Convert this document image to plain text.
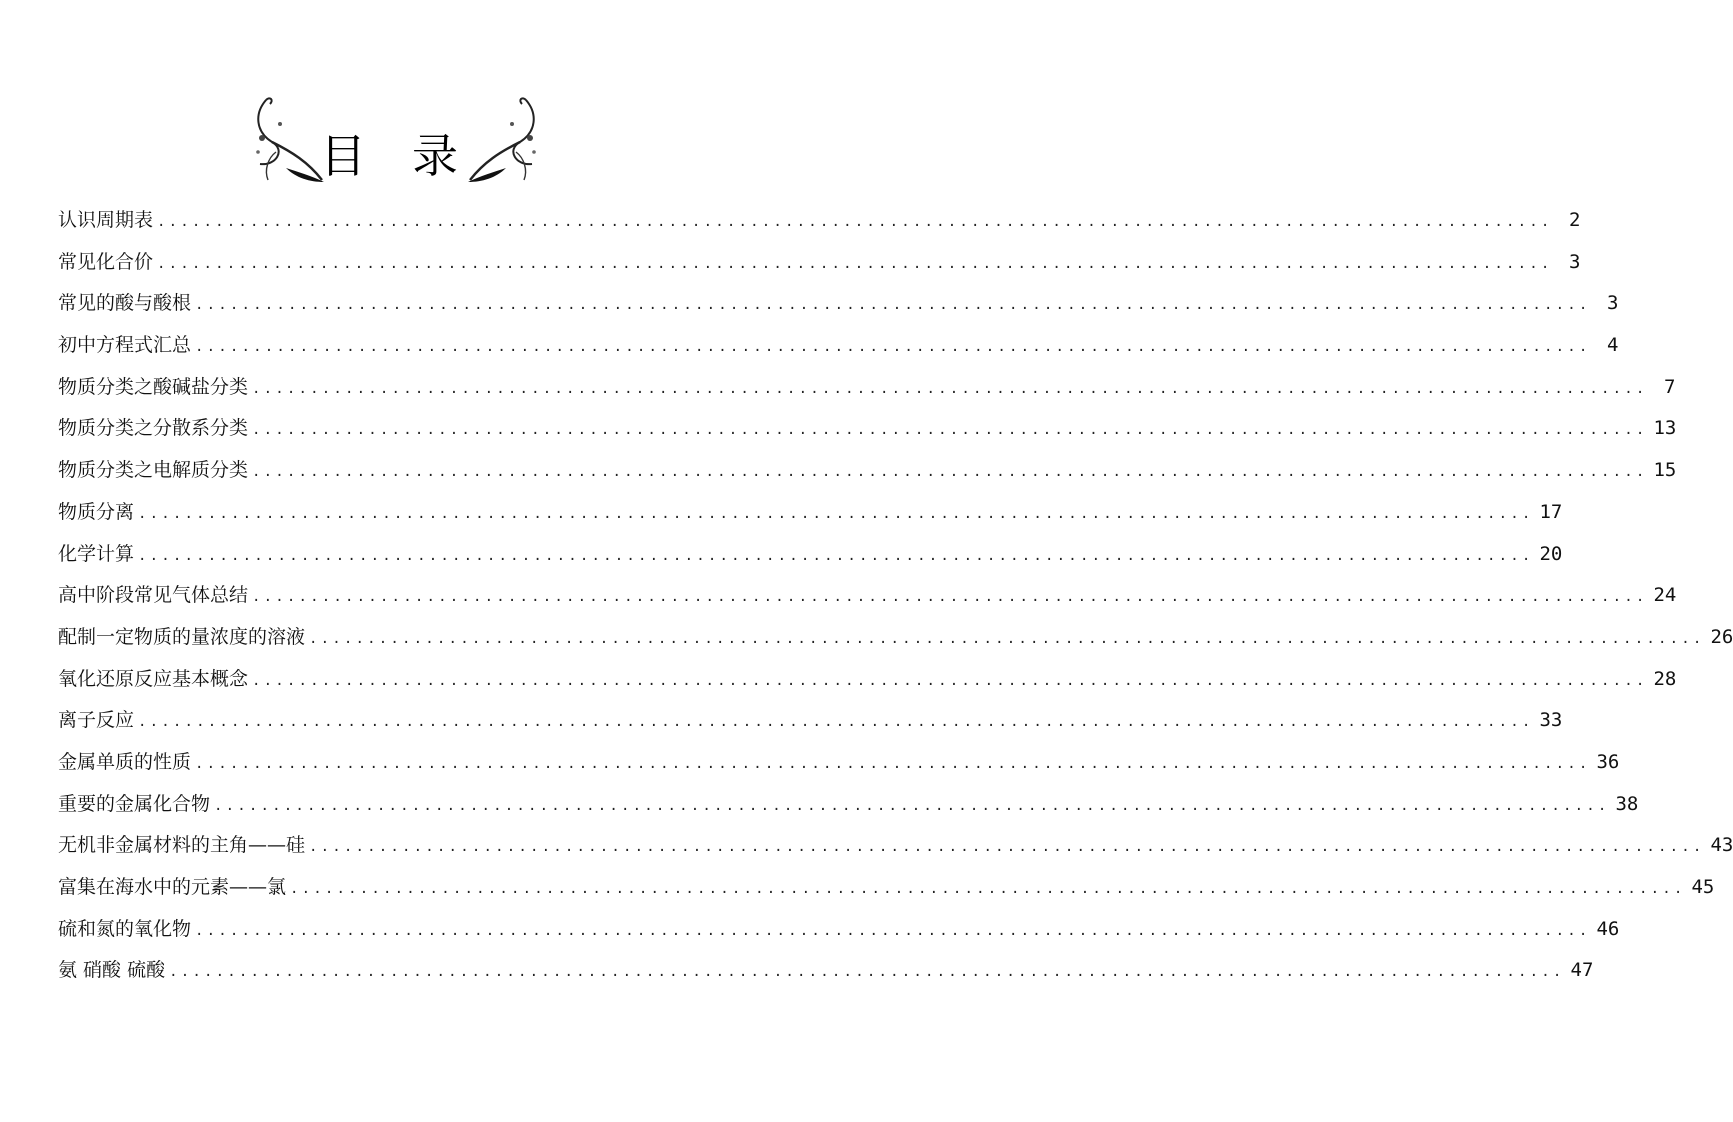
目 录
认识周期表 ........................................................................................................................ 2
常见化合价 ........................................................................................................................ 3
常见的酸与酸根 ........................................................................................................................ 3
初中方程式汇总 ........................................................................................................................ 4
物质分类之酸碱盐分类 ........................................................................................................................ 7
物质分类之分散系分类 ........................................................................................................................ 13
物质分类之电解质分类 ........................................................................................................................ 15
物质分离 ........................................................................................................................ 17
化学计算 ........................................................................................................................ 20
高中阶段常见气体总结 ........................................................................................................................ 24
配制一定物质的量浓度的溶液 ........................................................................................................................ 26
氧化还原反应基本概念 ........................................................................................................................ 28
离子反应 ........................................................................................................................ 33
金属单质的性质 ........................................................................................................................ 36
重要的金属化合物 ........................................................................................................................ 38
无机非金属材料的主角——硅 ........................................................................................................................ 43
富集在海水中的元素——氯 ........................................................................................................................ 45
硫和氮的氧化物 ........................................................................................................................ 46
氨 硝酸 硫酸 ........................................................................................................................ 47
